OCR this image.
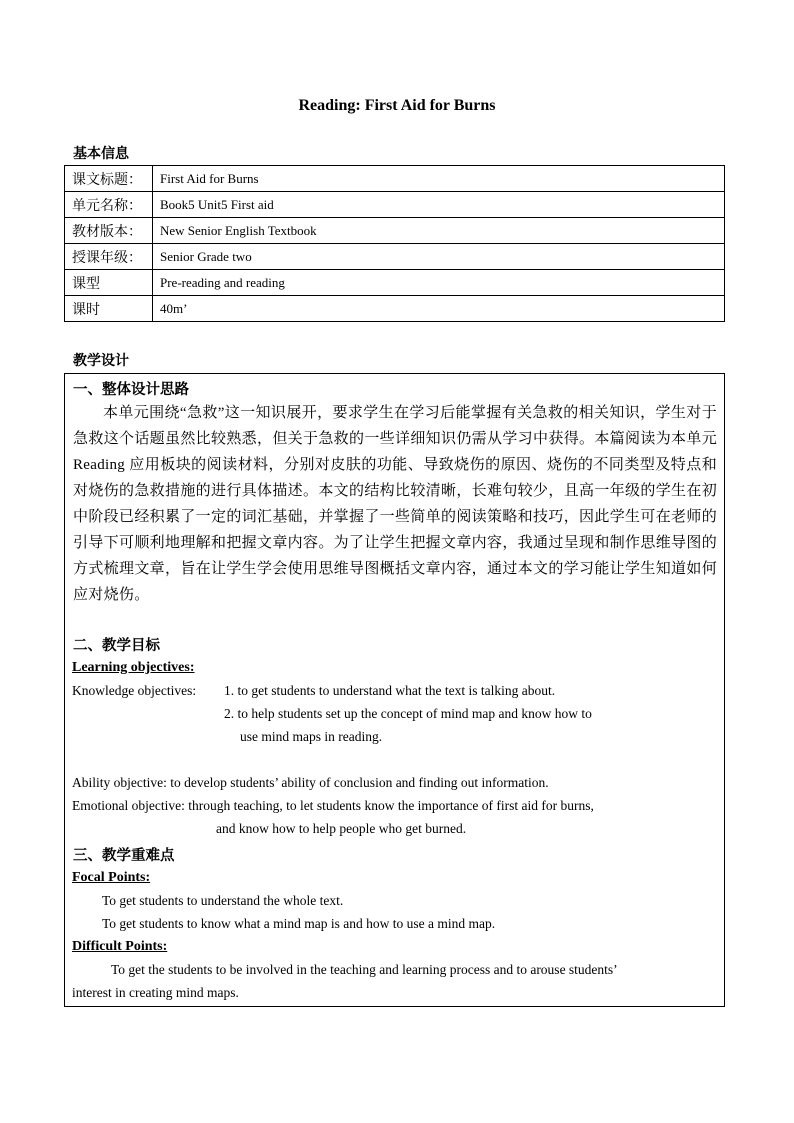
Reading: First Aid for Burns
基本信息
课文标题：	First Aid for Burns
单元名称：	Book5 Unit5 First aid
教材版本：	New Senior English Textbook
授课年级：	Senior Grade two
课型	Pre-reading and reading
课时	40m’
教学设计
一、整体设计思路
本单元围绕“急救”这一知识展开，要求学生在学习后能掌握有关急救的相关知识，学生对于急救这个话题虽然比较熟悉，但关于急救的一些详细知识仍需从学习中获得。本篇阅读为本单元 Reading 应用板块的阅读材料，分别对皮肤的功能、导致烧伤的原因、烧伤的不同类型及特点和对烧伤的急救措施的进行具体描述。本文的结构比较清晰，长难句较少，且高一年级的学生在初中阶段已经积累了一定的词汇基础，并掌握了一些简单的阅读策略和技巧，因此学生可在老师的引导下可顺利地理解和把握文章内容。为了让学生把握文章内容，我通过呈现和制作思维导图的方式梳理文章，旨在让学生学会使用思维导图概括文章内容，通过本文的学习能让学生知道如何应对烧伤。
二、教学目标
Learning objectives:
Knowledge objectives: 1. to get students to understand what the text is talking about.
2. to help students set up the concept of mind map and know how to
use mind maps in reading.
Ability objective: to develop students’ ability of conclusion and finding out information.
Emotional objective: through teaching, to let students know the importance of first aid for burns,
and know how to help people who get burned.
三、教学重难点
Focal Points:
To get students to understand the whole text.
To get students to know what a mind map is and how to use a mind map.
Difficult Points:
To get the students to be involved in the teaching and learning process and to arouse students’
interest in creating mind maps.
